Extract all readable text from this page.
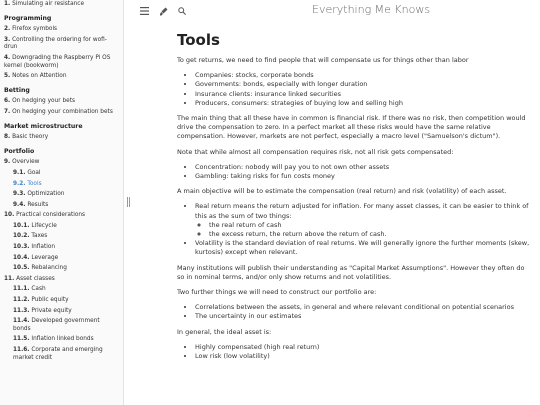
1. Simulating air resistance
Programming
2. Firefox symbols
3. Controlling the ordering for wofi-drun
4. Downgrading the Raspberry Pi OS kernel (bookworm)
5. Notes on Attention
Betting
6. On hedging your bets
7. On hedging your combination bets
Market microstructure
8. Basic theory
Portfolio
9. Overview
9.1. Goal
9.2. Tools
9.3. Optimization
9.4. Results
10. Practical considerations
10.1. Lifecycle
10.2. Taxes
10.3. Inflation
10.4. Leverage
10.5. Rebalancing
11. Asset classes
11.1. Cash
11.2. Public equity
11.3. Private equity
11.4. Developed government bonds
11.5. Inflation linked bonds
11.6. Corporate and emerging market credit
Everything Me Knows
Tools

To get returns, we need to find people that will compensate us for things other than labor

• Companies: stocks, corporate bonds
• Governments: bonds, especially with longer duration
• Insurance clients: insurance linked securities
• Producers, consumers: strategies of buying low and selling high

The main thing that all these have in common is financial risk. If there was no risk, then competition would drive the compensation to zero. In a perfect market all these risks would have the same relative compensation. However, markets are not perfect, especially a macro level ("Samuelson's dictum").

Note that while almost all compensation requires risk, not all risk gets compensated:

• Concentration: nobody will pay you to not own other assets
• Gambling: taking risks for fun costs money

A main objective will be to estimate the compensation (real return) and risk (volatility) of each asset.

• Real return means the return adjusted for inflation. For many asset classes, it can be easier to think of this as the sum of two things:
◦ the real return of cash
◦ the excess return, the return above the return of cash.
• Volatility is the standard deviation of real returns. We will generally ignore the further moments (skew, kurtosis) except when relevant.

Many institutions will publish their understanding as "Capital Market Assumptions". However they often do so in nominal terms, and/or only show returns and not volatilities.

Two further things we will need to construct our portfolio are:

• Correlations between the assets, in general and where relevant conditional on potential scenarios
• The uncertainty in our estimates

In general, the ideal asset is:

• Highly compensated (high real return)
• Low risk (low volatility)
